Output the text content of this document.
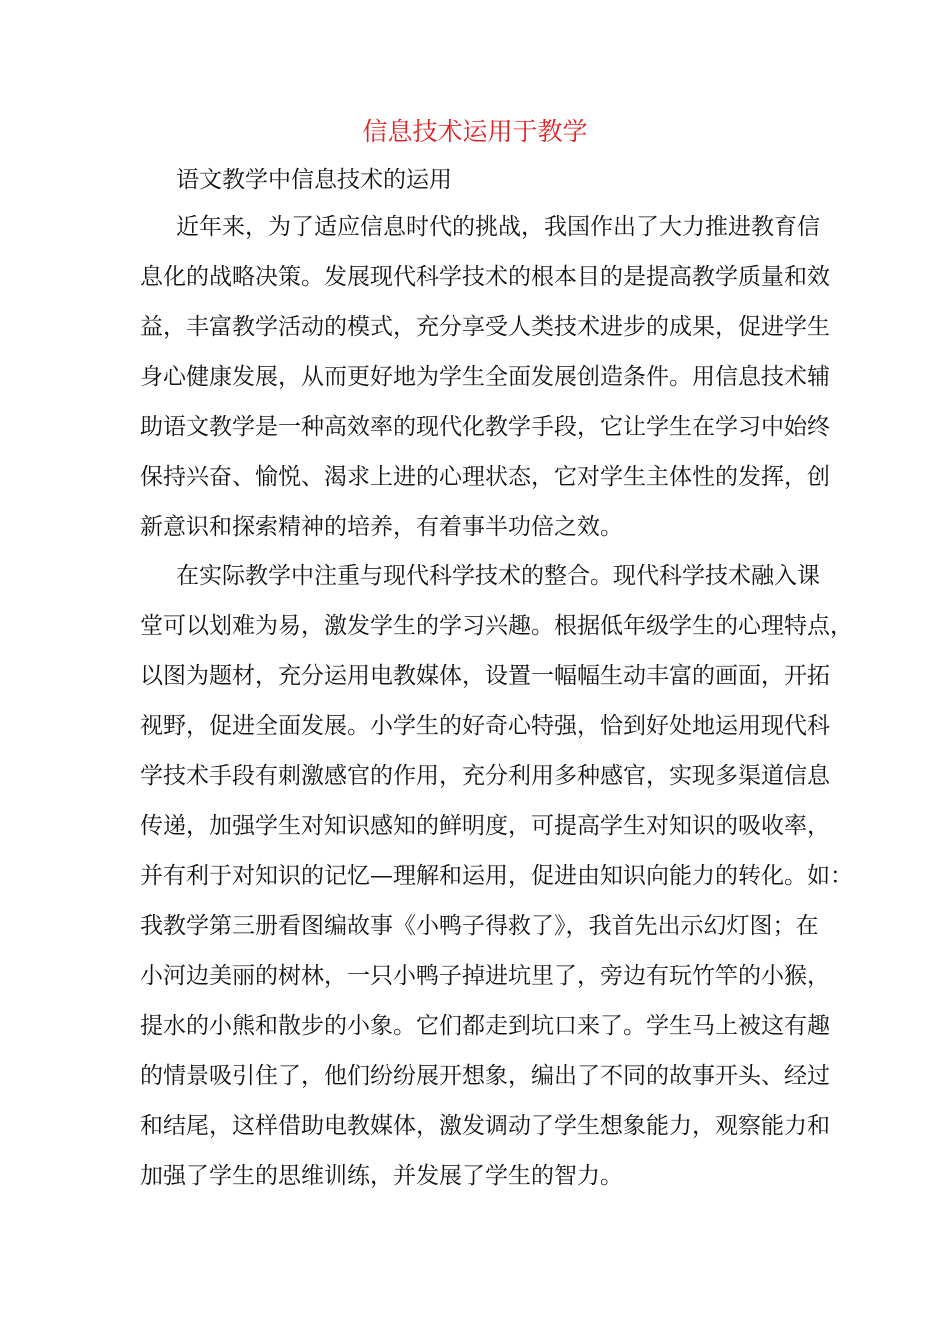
信息技术运用于教学

语文教学中信息技术的运用

近年来，为了适应信息时代的挑战，我国作出了大力推进教育信
息化的战略决策。发展现代科学技术的根本目的是提高教学质量和效
益，丰富教学活动的模式，充分享受人类技术进步的成果，促进学生
身心健康发展，从而更好地为学生全面发展创造条件。用信息技术辅
助语文教学是一种高效率的现代化教学手段，它让学生在学习中始终
保持兴奋、愉悦、渴求上进的心理状态，它对学生主体性的发挥，创
新意识和探索精神的培养，有着事半功倍之效。
在实际教学中注重与现代科学技术的整合。现代科学技术融入课
堂可以划难为易，激发学生的学习兴趣。根据低年级学生的心理特点，
以图为题材，充分运用电教媒体，设置一幅幅生动丰富的画面，开拓
视野，促进全面发展。小学生的好奇心特强，恰到好处地运用现代科
学技术手段有刺激感官的作用，充分利用多种感官，实现多渠道信息
传递，加强学生对知识感知的鲜明度，可提高学生对知识的吸收率，
并有利于对知识的记忆—理解和运用，促进由知识向能力的转化。如：
我教学第三册看图编故事《小鸭子得救了》，我首先出示幻灯图；在
小河边美丽的树林，一只小鸭子掉进坑里了，旁边有玩竹竿的小猴，
提水的小熊和散步的小象。它们都走到坑口来了。学生马上被这有趣
的情景吸引住了，他们纷纷展开想象，编出了不同的故事开头、经过
和结尾，这样借助电教媒体，激发调动了学生想象能力，观察能力和
加强了学生的思维训练，并发展了学生的智力。
